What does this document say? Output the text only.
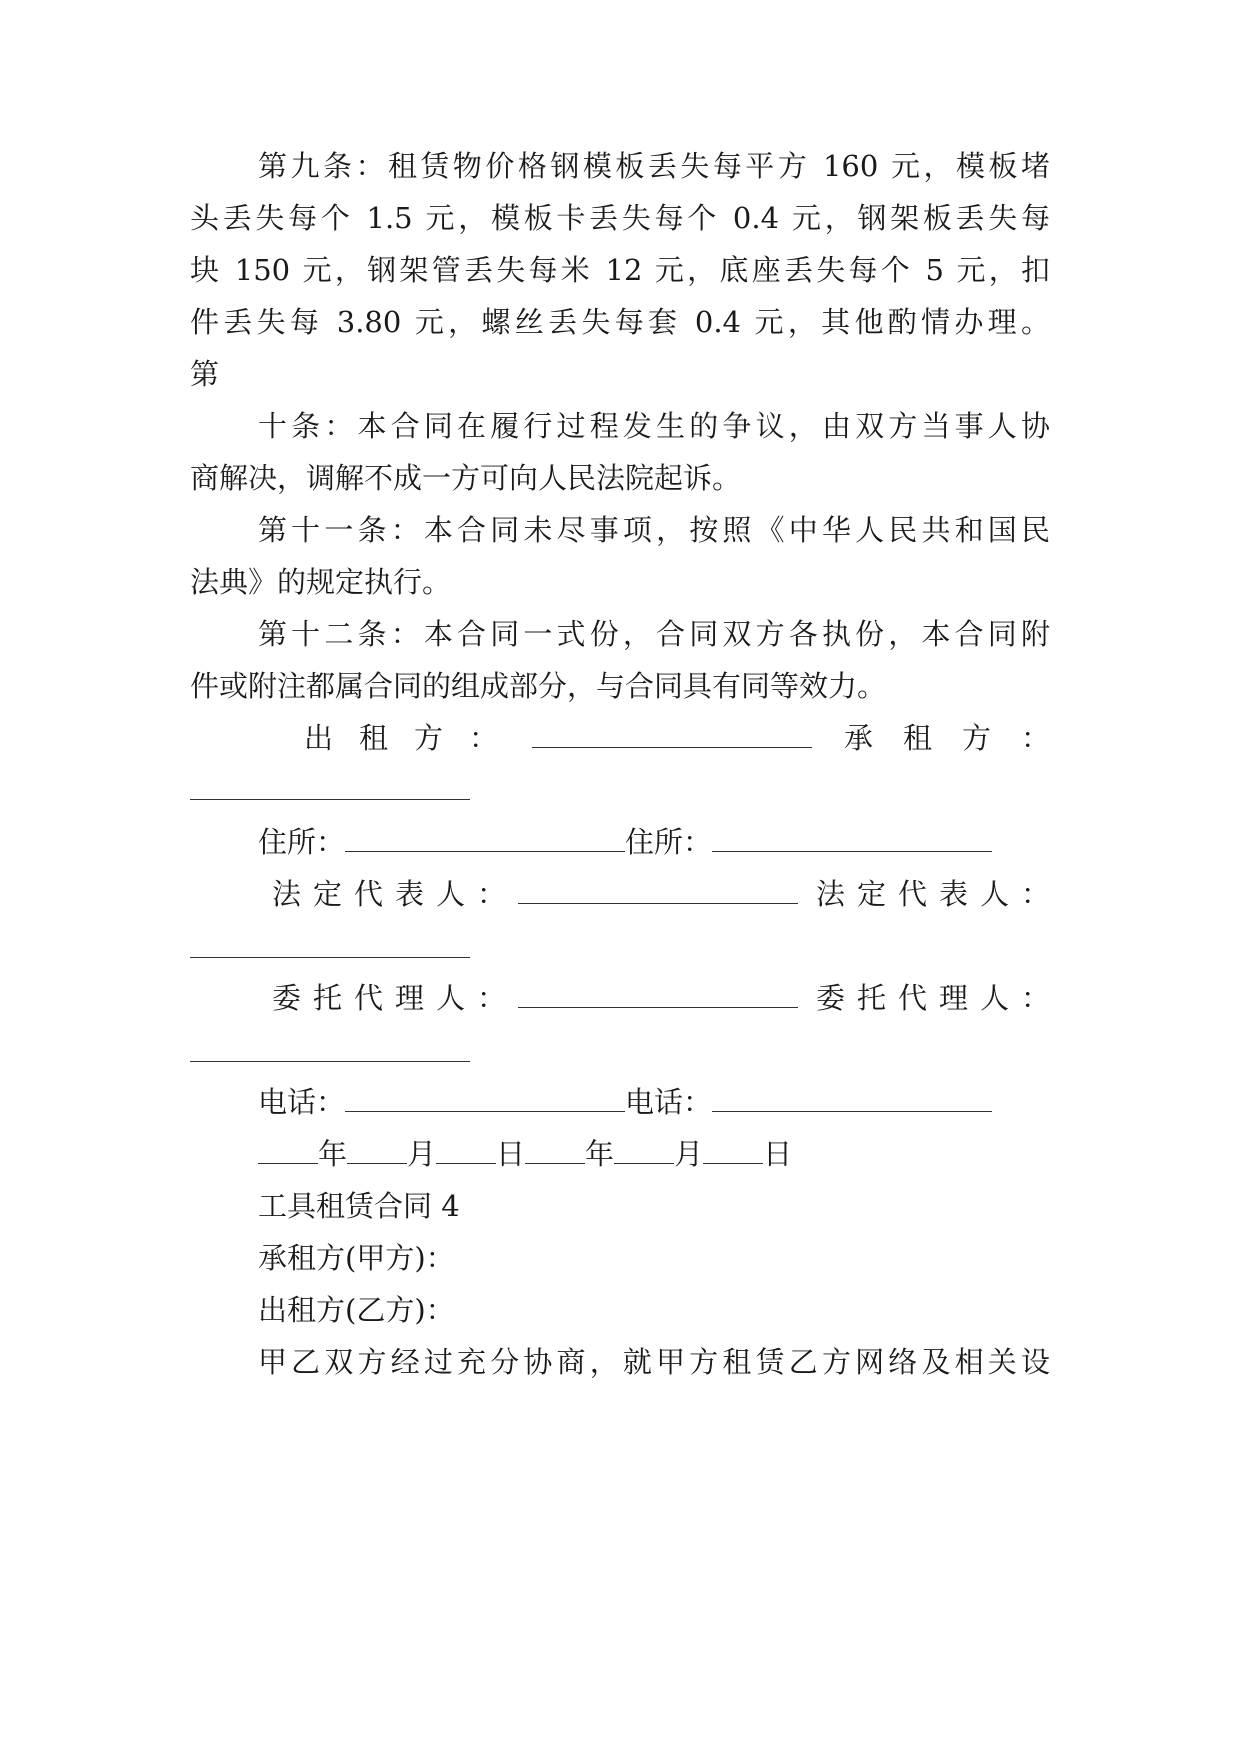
第九条：租赁物价格钢模板丢失每平方 160 元，模板堵
头丢失每个 1.5 元，模板卡丢失每个 0.4 元，钢架板丢失每
块 150 元，钢架管丢失每米 12 元，底座丢失每个 5 元，扣
件丢失每 3.80 元，螺丝丢失每套 0.4 元，其他酌情办理。
第
十条：本合同在履行过程发生的争议，由双方当事人协
商解决，调解不成一方可向人民法院起诉。
第十一条：本合同未尽事项，按照《中华人民共和国民
法典》的规定执行。
第十二条：本合同一式份，合同双方各执份，本合同附
件或附注都属合同的组成部分，与合同具有同等效力。
出租方：	承租方：
住所：	住所：
法定代表人：	法定代表人：
委托代理人：	委托代理人：
电话：	电话：
年 月 日 年 月 日
工具租赁合同 4
承租方(甲方)：
出租方(乙方)：
甲乙双方经过充分协商，就甲方租赁乙方网络及相关设
